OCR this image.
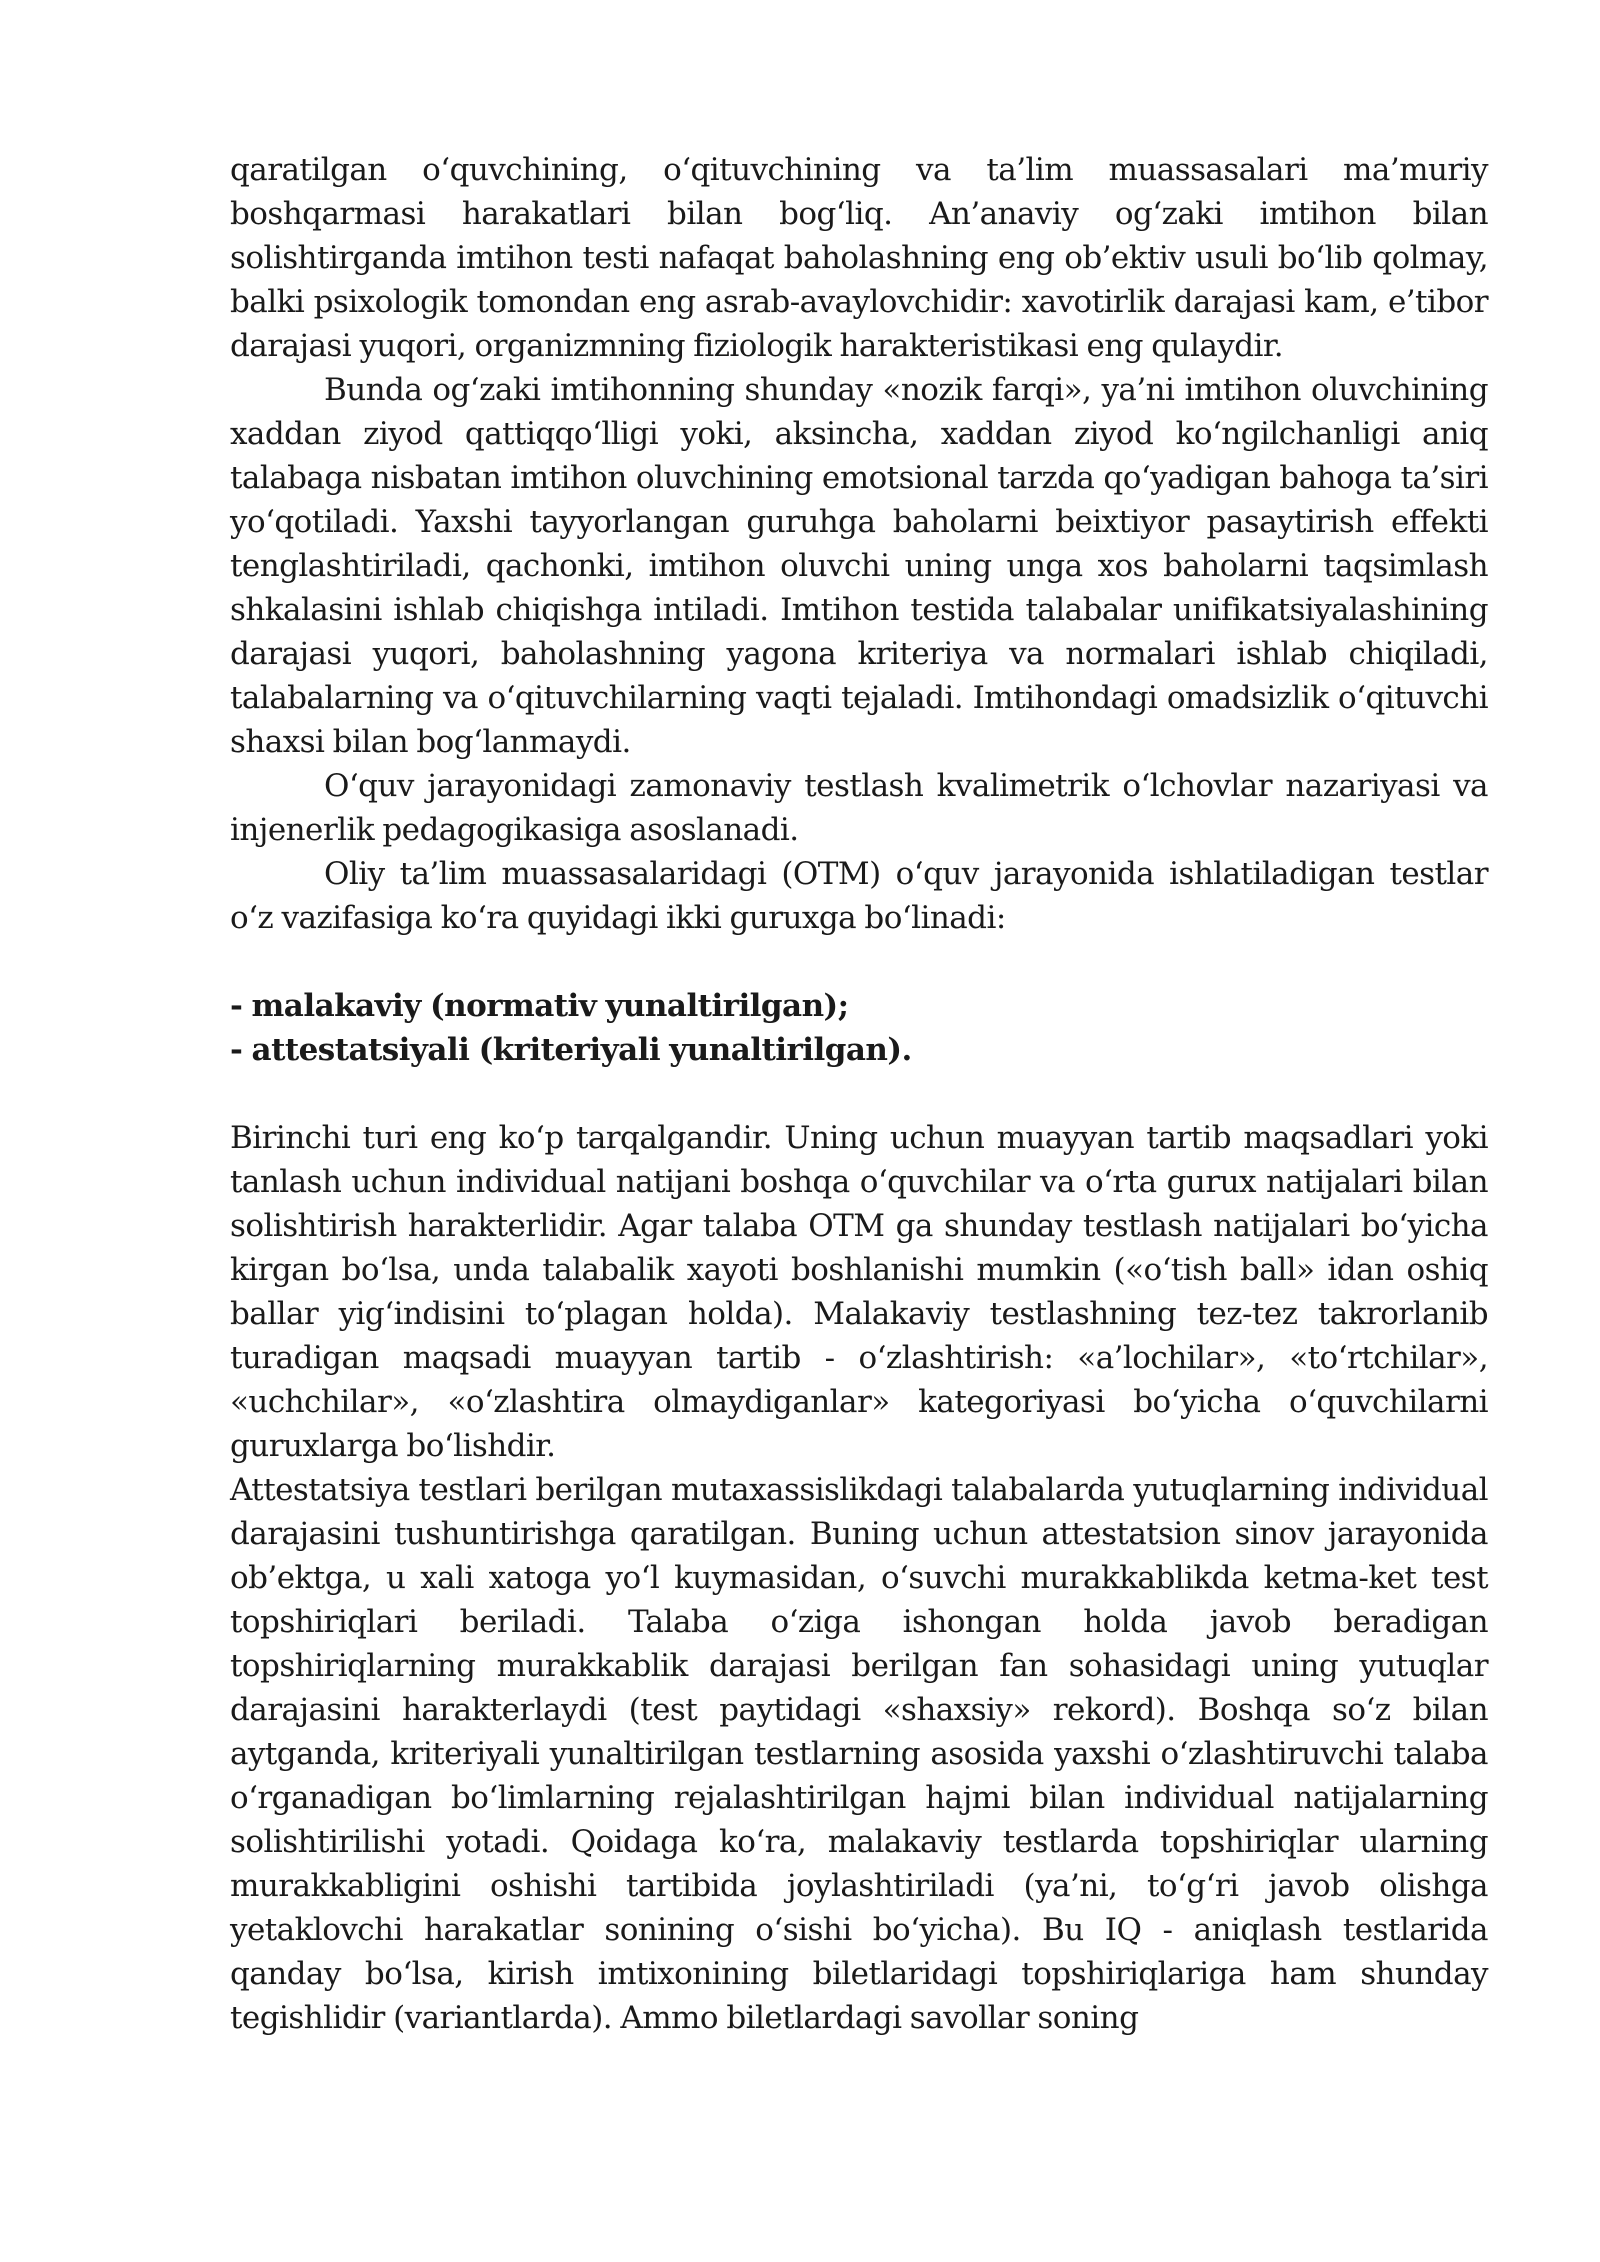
qaratilgan o‘quvchining, o‘qituvchining va ta’lim muassasalari ma’muriy boshqarmasi harakatlari bilan bog‘liq. An’anaviy og‘zaki imtihon bilan solishtirganda imtihon testi nafaqat baholashning eng ob’ektiv usuli bo‘lib qolmay, balki psixologik tomondan eng asrab-avaylovchidir: xavotirlik darajasi kam, e’tibor darajasi yuqori, organizmning fiziologik harakteristikasi eng qulaydir.

Bunda og‘zaki imtihonning shunday «nozik farqi», ya’ni imtihon oluvchining xaddan ziyod qattiqqo‘lligi yoki, aksincha, xaddan ziyod ko‘ngilchanligi aniq talabaga nisbatan imtihon oluvchining emotsional tarzda qo‘yadigan bahoga ta’siri yo‘qotiladi. Yaxshi tayyorlangan guruhga baholarni beixtiyor pasaytirish effekti tenglashtiriladi, qachonki, imtihon oluvchi uning unga xos baholarni taqsimlash shkalasini ishlab chiqishga intiladi. Imtihon testida talabalar unifikatsiyalashining darajasi yuqori, baholashning yagona kriteriya va normalari ishlab chiqiladi, talabalarning va o‘qituvchilarning vaqti tejaladi. Imtihondagi omadsizlik o‘qituvchi shaxsi bilan bog‘lanmaydi.

O‘quv jarayonidagi zamonaviy testlash kvalimetrik o‘lchovlar nazariyasi va injenerlik pedagogikasiga asoslanadi.

Oliy ta’lim muassasalaridagi (OTM) o‘quv jarayonida ishlatiladigan testlar o‘z vazifasiga ko‘ra quyidagi ikki guruxga bo‘linadi:

- malakaviy (normativ yunaltirilgan);

- attestatsiyali (kriteriyali yunaltirilgan).

Birinchi turi eng ko‘p tarqalgandir. Uning uchun muayyan tartib maqsadlari yoki tanlash uchun individual natijani boshqa o‘quvchilar va o‘rta gurux natijalari bilan solishtirish harakterlidir. Agar talaba OTM ga shunday testlash natijalari bo‘yicha kirgan bo‘lsa, unda talabalik xayoti boshlanishi mumkin («o‘tish ball» idan oshiq ballar yig‘indisini to‘plagan holda). Malakaviy testlashning tez-tez takrorlanib turadigan maqsadi muayyan tartib - o‘zlashtirish: «a’lochilar», «to‘rtchilar», «uchchilar», «o‘zlashtira olmaydiganlar» kategoriyasi bo‘yicha o‘quvchilarni guruxlarga bo‘lishdir.

Attestatsiya testlari berilgan mutaxassislikdagi talabalarda yutuqlarning individual darajasini tushuntirishga qaratilgan. Buning uchun attestatsion sinov jarayonida ob’ektga, u xali xatoga yo‘l kuymasidan, o‘suvchi murakkablikda ketma-ket test topshiriqlari beriladi. Talaba o‘ziga ishongan holda javob beradigan topshiriqlarning murakkablik darajasi berilgan fan sohasidagi uning yutuqlar darajasini harakterlaydi (test paytidagi «shaxsiy» rekord). Boshqa so‘z bilan aytganda, kriteriyali yunaltirilgan testlarning asosida yaxshi o‘zlashtiruvchi talaba o‘rganadigan bo‘limlarning rejalashtirilgan hajmi bilan individual natijalarning solishtirilishi yotadi. Qoidaga ko‘ra, malakaviy testlarda topshiriqlar ularning murakkabligini oshishi tartibida joylashtiriladi (ya’ni, to‘g‘ri javob olishga yetaklovchi harakatlar sonining o‘sishi bo‘yicha). Bu IQ - aniqlash testlarida qanday bo‘lsa, kirish imtixonining biletlaridagi topshiriqlariga ham shunday tegishlidir (variantlarda). Ammo biletlardagi savollar soning
